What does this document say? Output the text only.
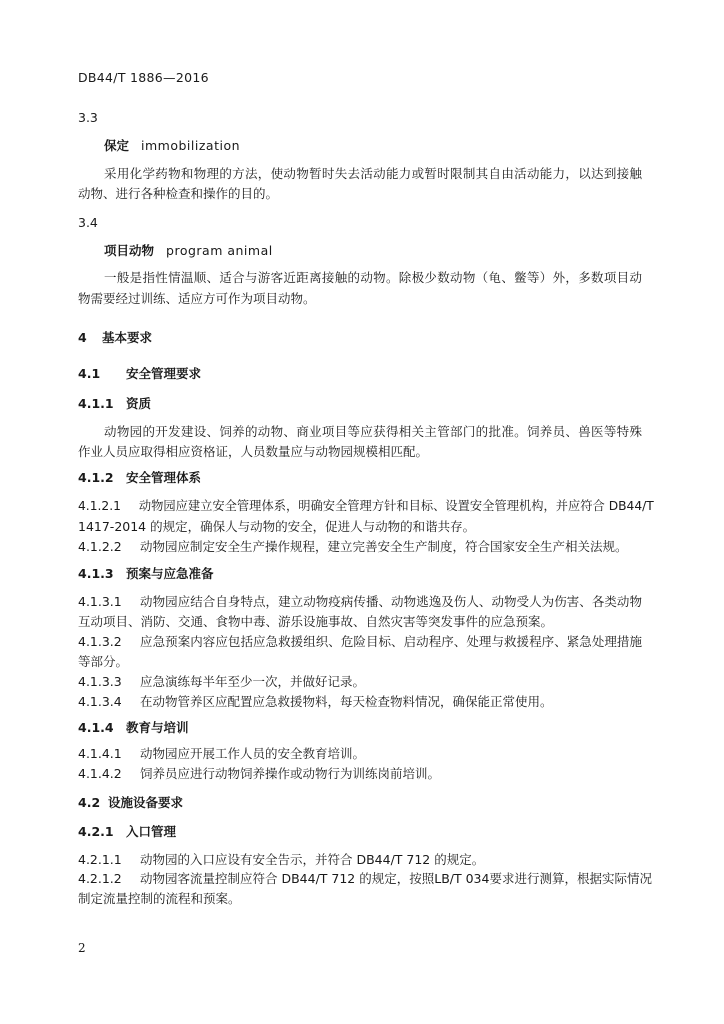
DB44/T 1886—2016
3.3
保定 immobilization
采用化学药物和物理的方法，使动物暂时失去活动能力或暂时限制其自由活动能力，以达到接触
动物、进行各种检查和操作的目的。
3.4
项目动物 program animal
一般是指性情温顺、适合与游客近距离接触的动物。除极少数动物（龟、鳖等）外，多数项目动
物需要经过训练、适应方可作为项目动物。
4 基本要求
4.1 安全管理要求
4.1.1 资质
动物园的开发建设、饲养的动物、商业项目等应获得相关主管部门的批准。饲养员、兽医等特殊
作业人员应取得相应资格证，人员数量应与动物园规模相匹配。
4.1.2 安全管理体系
4.1.2.1 动物园应建立安全管理体系，明确安全管理方针和目标、设置安全管理机构，并应符合 DB44/T
1417-2014 的规定，确保人与动物的安全，促进人与动物的和谐共存。
4.1.2.2 动物园应制定安全生产操作规程，建立完善安全生产制度，符合国家安全生产相关法规。
4.1.3 预案与应急准备
4.1.3.1 动物园应结合自身特点，建立动物疫病传播、动物逃逸及伤人、动物受人为伤害、各类动物
互动项目、消防、交通、食物中毒、游乐设施事故、自然灾害等突发事件的应急预案。
4.1.3.2 应急预案内容应包括应急救援组织、危险目标、启动程序、处理与救援程序、紧急处理措施
等部分。
4.1.3.3 应急演练每半年至少一次，并做好记录。
4.1.3.4 在动物管养区应配置应急救援物料，每天检查物料情况，确保能正常使用。
4.1.4 教育与培训
4.1.4.1 动物园应开展工作人员的安全教育培训。
4.1.4.2 饲养员应进行动物饲养操作或动物行为训练岗前培训。
4.2 设施设备要求
4.2.1 入口管理
4.2.1.1 动物园的入口应设有安全告示，并符合 DB44/T 712 的规定。
4.2.1.2 动物园客流量控制应符合 DB44/T 712 的规定，按照LB/T 034要求进行测算，根据实际情况
制定流量控制的流程和预案。
2
